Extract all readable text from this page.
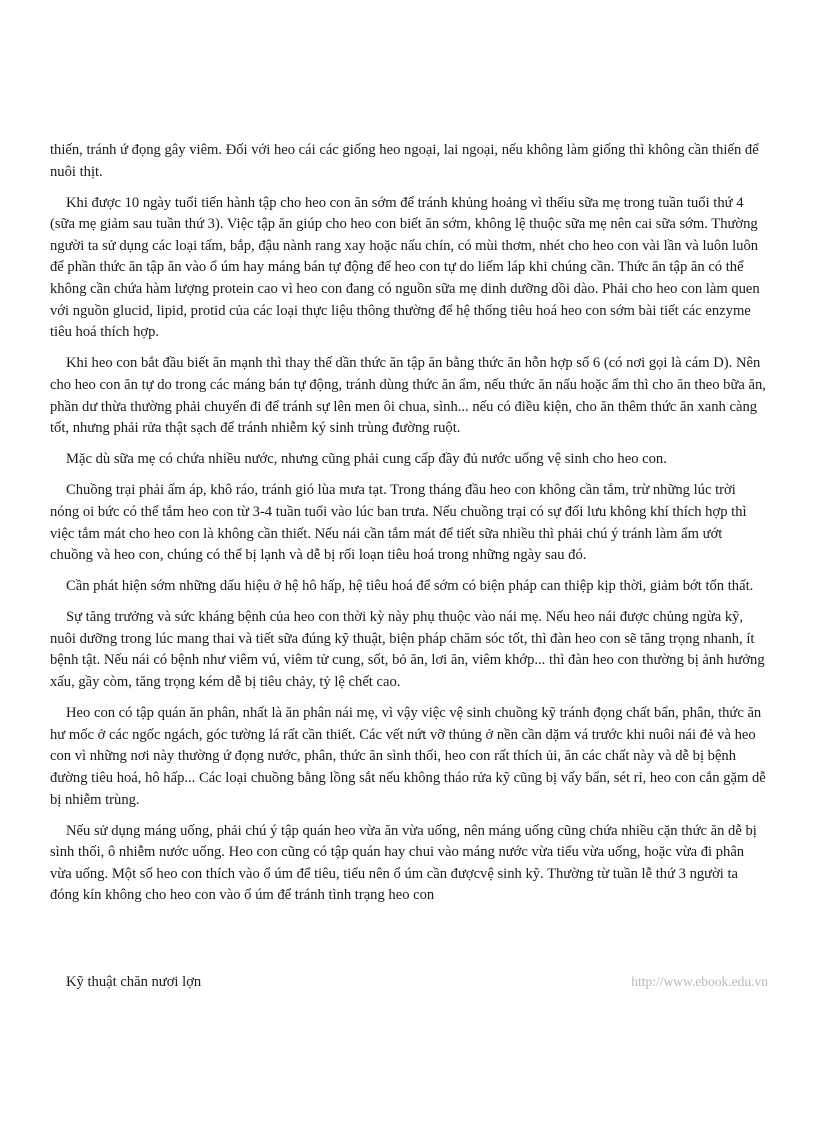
thiến, tránh ứ đọng gây viêm. Đối với heo cái các giống heo ngoại, lai ngoại, nếu không làm giống thì không cần thiến để nuôi thịt.

Khi được 10 ngày tuổi tiến hành tập cho heo con ăn sớm để tránh khủng hoảng vì thếiu sữa mẹ trong tuần tuổi thứ 4 (sữa mẹ giảm sau tuần thứ 3). Việc tập ăn giúp cho heo con biết ăn sớm, không lệ thuộc sữa mẹ nên cai sữa sớm. Thường người ta sử dụng các loại tấm, bắp, đậu nành rang xay hoặc nấu chín, có mùi thơm, nhét cho heo con vài lần và luôn luôn để phần thức ăn tập ăn vào ổ úm hay máng bán tự động để heo con tự do liếm láp khi chúng cần. Thức ăn tập ăn có thể không cần chứa hàm lượng protein cao vì heo con đang có nguồn sữa mẹ dinh dưỡng dồi dào. Phải cho heo con làm quen với nguồn glucid, lipid, protid của các loại thực liệu thông thường để hệ thống tiêu hoá heo con sớm bài tiết các enzyme tiêu hoá thích hợp.

Khi heo con bắt đầu biết ăn mạnh thì thay thế dần thức ăn tập ăn bằng thức ăn hỗn hợp số 6 (có nơi gọi là cám D). Nên cho heo con ăn tự do trong các máng bán tự động, tránh dùng thức ăn ẩm, nếu thức ăn nấu hoặc ẩm thì cho ăn theo bữa ăn, phần dư thừa thường phải chuyển đi để tránh sự lên men ôi chua, sình... nếu có điều kiện, cho ăn thêm thức ăn xanh càng tốt, nhưng phải rửa thật sạch để tránh nhiễm ký sinh trùng đường ruột.

Mặc dù sữa mẹ có chứa nhiều nước, nhưng cũng phải cung cấp đầy đủ nước uống vệ sinh cho heo con.

Chuồng trại phải ấm áp, khô ráo, tránh gió lùa mưa tạt. Trong tháng đầu heo con không cần tắm, trừ những lúc trời nóng oi bức có thể tắm heo con từ 3-4 tuần tuổi vào lúc ban trưa. Nếu chuồng trại có sự đối lưu không khí thích hợp thì việc tắm mát cho heo con là không cần thiết. Nếu nái cần tắm mát để tiết sữa nhiều thì phải chú ý tránh làm ẩm ướt chuồng và heo con, chúng có thể bị lạnh và dễ bị rối loạn tiêu hoá trong những ngày sau đó.

Cần phát hiện sớm những dấu hiệu ở hệ hô hấp, hệ tiêu hoá để sớm có biện pháp can thiệp kịp thời, giảm bớt tổn thất.

Sự tăng trưởng và sức kháng bệnh của heo con thời kỳ này phụ thuộc vào nái mẹ. Nếu heo nái được chủng ngừa kỹ, nuôi dưỡng trong lúc mang thai và tiết sữa đúng kỹ thuật, biện pháp chăm sóc tốt, thì đàn heo con sẽ tăng trọng nhanh, ít bệnh tật. Nếu nái có bệnh như viêm vú, viêm tử cung, sốt, bỏ ăn, lơi ăn, viêm khớp... thì đàn heo con thường bị ảnh hưởng xấu, gầy còm, tăng trọng kém dễ bị tiêu chảy, tỷ lệ chết cao.

Heo con có tập quán ăn phân, nhất là ăn phân nái mẹ, vì vậy việc vệ sinh chuồng kỹ tránh đọng chất bẩn, phân, thức ăn hư mốc ở các ngốc ngách, góc tường lá rất cần thiết. Các vết nứt vỡ thủng ở nền cần dặm vá trước khi nuôi nái đẻ và heo con vì những nơi này thường ứ đọng nước, phân, thức ăn sình thối, heo con rất thích ủi, ăn các chất này và dễ bị bệnh đường tiêu hoá, hô hấp... Các loại chuồng bằng lồng sắt nếu không tháo rửa kỹ cũng bị vấy bẩn, sét rỉ, heo con cắn gặm dễ bị nhiễm trùng.

Nếu sử dụng máng uống, phải chú ý tập quán heo vừa ăn vừa uống, nên máng uống cũng chứa nhiều cặn thức ăn dễ bị sình thối, ô nhiễm nước uống. Heo con cũng có tập quán hay chui vào máng nước vừa tiểu vừa uống, hoặc vừa đi phân vừa uống. Một số heo con thích vào ổ úm để tiêu, tiểu nên ổ úm cần đượcvệ sinh kỹ. Thường từ tuần lễ thứ 3 người ta đóng kín không cho heo con vào ổ úm để tránh tình trạng heo con

Kỹ thuật chăn nươi lợn	http://www.ebook.edu.vn
